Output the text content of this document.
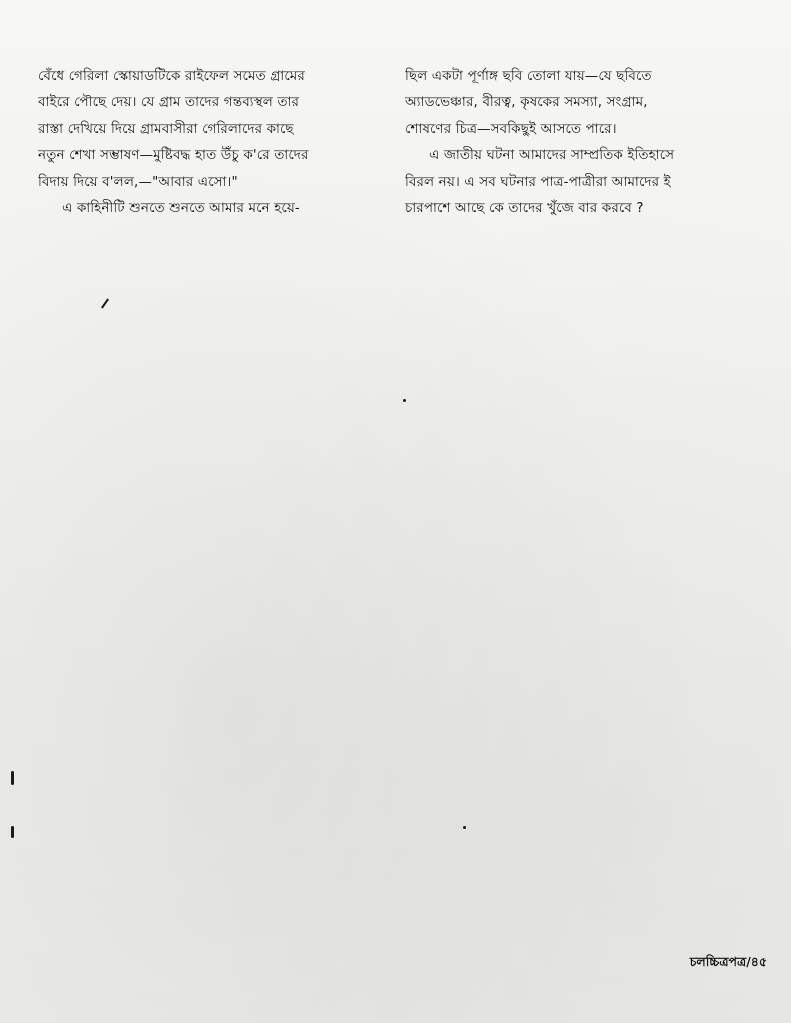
বেঁধে গেরিলা স্কোয়াডটিকে রাইফেল সমেত গ্রামের
বাইরে পৌছে দেয়। যে গ্রাম তাদের গন্তব্যস্থল তার
রাস্তা দেখিয়ে দিয়ে গ্রামবাসীরা গেরিলাদের কাছে
নতুন শেখা সম্ভাষণ—মুষ্টিবদ্ধ হাত উঁচু ক'রে তাদের
বিদায় দিয়ে ব'লল,—"আবার এসো।"
এ কাহিনীটি শুনতে শুনতে আমার মনে হয়ে-
ছিল একটা পূর্ণাঙ্গ ছবি তোলা যায়—যে ছবিতে
অ্যাডভেঞ্চার, বীরত্ব, কৃষকের সমস্যা, সংগ্রাম,
শোষণের চিত্র—সবকিছুই আসতে পারে।
এ জাতীয় ঘটনা আমাদের সাম্প্রতিক ইতিহাসে
বিরল নয়। এ সব ঘটনার পাত্র-পাত্রীরা আমাদের ই
চারপাশে আছে কে তাদের খুঁজে বার করবে ?
চলচ্চিত্রপত্র/৪৫
